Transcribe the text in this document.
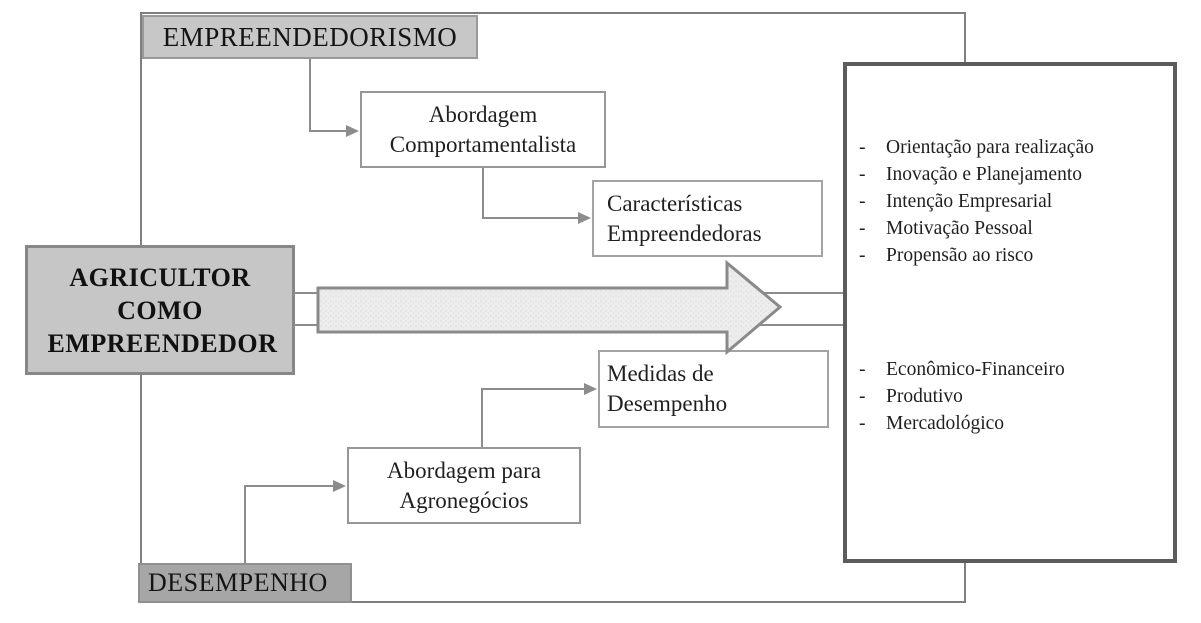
EMPREENDEDORISMO
AGRICULTOR COMO EMPREENDEDOR
DESEMPENHO
Abordagem Comportamentalista
Características Empreendedoras
Medidas de Desempenho
Abordagem para Agronegócios
-	Orientação para realização
-	Inovação e Planejamento
-	Intenção Empresarial
-	Motivação Pessoal
-	Propensão ao risco
-	Econômico-Financeiro
-	Produtivo
-	Mercadológico
